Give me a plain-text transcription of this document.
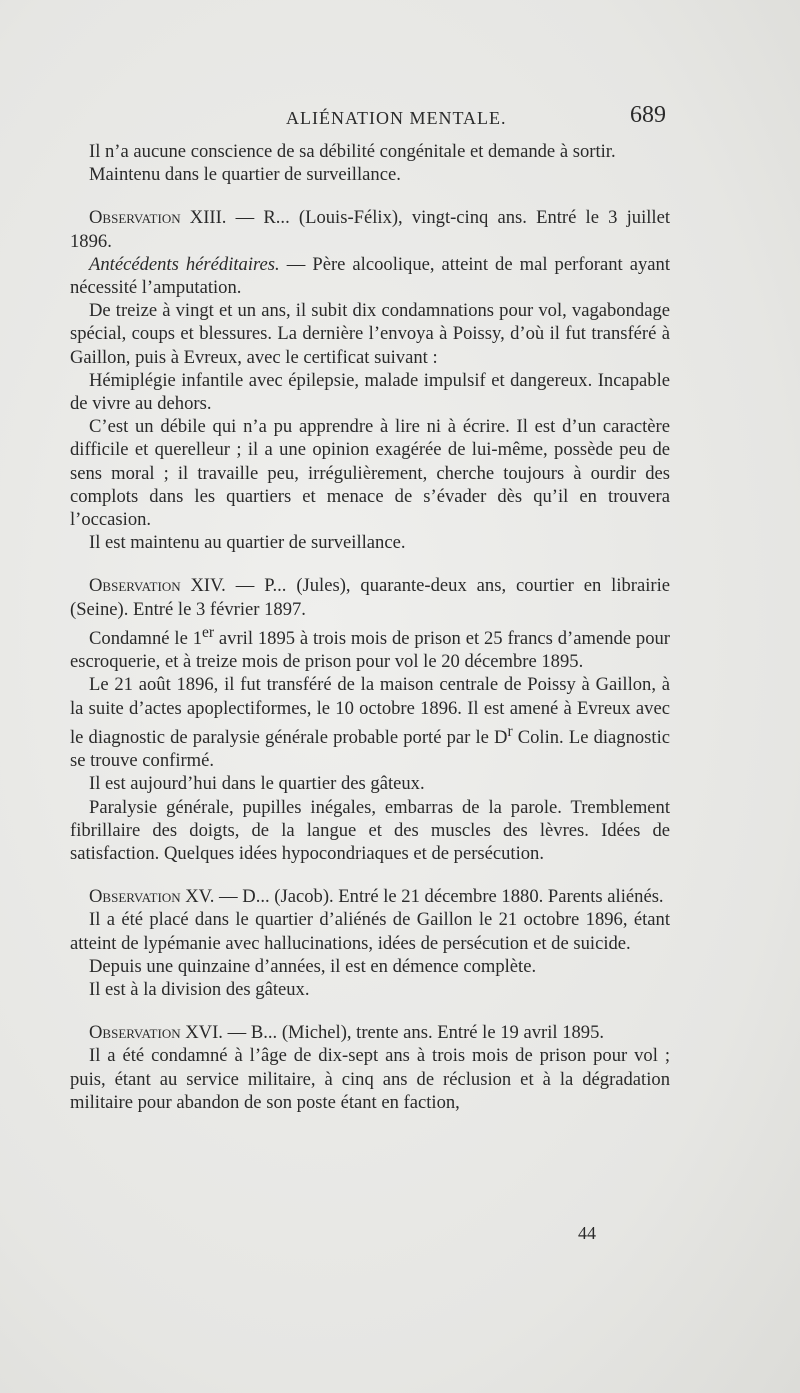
ALIÉNATION MENTALE.	689

Il n’a aucune conscience de sa débilité congénitale et demande à sortir.

Maintenu dans le quartier de surveillance.

Observation XIII. — R... (Louis-Félix), vingt-cinq ans. Entré le 3 juillet 1896.

Antécédents héréditaires. — Père alcoolique, atteint de mal perforant ayant nécessité l’amputation.

De treize à vingt et un ans, il subit dix condamnations pour vol, vagabondage spécial, coups et blessures. La dernière l’envoya à Poissy, d’où il fut transféré à Gaillon, puis à Evreux, avec le certificat suivant :

Hémiplégie infantile avec épilepsie, malade impulsif et dangereux. Incapable de vivre au dehors.

C’est un débile qui n’a pu apprendre à lire ni à écrire. Il est d’un caractère difficile et querelleur ; il a une opinion exagérée de lui-même, possède peu de sens moral ; il travaille peu, irrégulièrement, cherche toujours à ourdir des complots dans les quartiers et menace de s’évader dès qu’il en trouvera l’occasion.

Il est maintenu au quartier de surveillance.

Observation XIV. — P... (Jules), quarante-deux ans, courtier en librairie (Seine). Entré le 3 février 1897.

Condamné le 1er avril 1895 à trois mois de prison et 25 francs d’amende pour escroquerie, et à treize mois de prison pour vol le 20 décembre 1895.

Le 21 août 1896, il fut transféré de la maison centrale de Poissy à Gaillon, à la suite d’actes apoplectiformes, le 10 octobre 1896. Il est amené à Evreux avec le diagnostic de paralysie générale probable porté par le $D^r$ Colin. Le diagnostic se trouve confirmé.

Il est aujourd’hui dans le quartier des gâteux.

Paralysie générale, pupilles inégales, embarras de la parole. Tremblement fibrillaire des doigts, de la langue et des muscles des lèvres. Idées de satisfaction. Quelques idées hypocondriaques et de persécution.

Observation XV. — D... (Jacob). Entré le 21 décembre 1880. Parents aliénés.

Il a été placé dans le quartier d’aliénés de Gaillon le 21 octobre 1896, étant atteint de lypémanie avec hallucinations, idées de persécution et de suicide.

Depuis une quinzaine d’années, il est en démence complète.

Il est à la division des gâteux.

Observation XVI. — B... (Michel), trente ans. Entré le 19 avril 1895.

Il a été condamné à l’âge de dix-sept ans à trois mois de prison pour vol ; puis, étant au service militaire, à cinq ans de réclusion et à la dégradation militaire pour abandon de son poste étant en faction,

44
